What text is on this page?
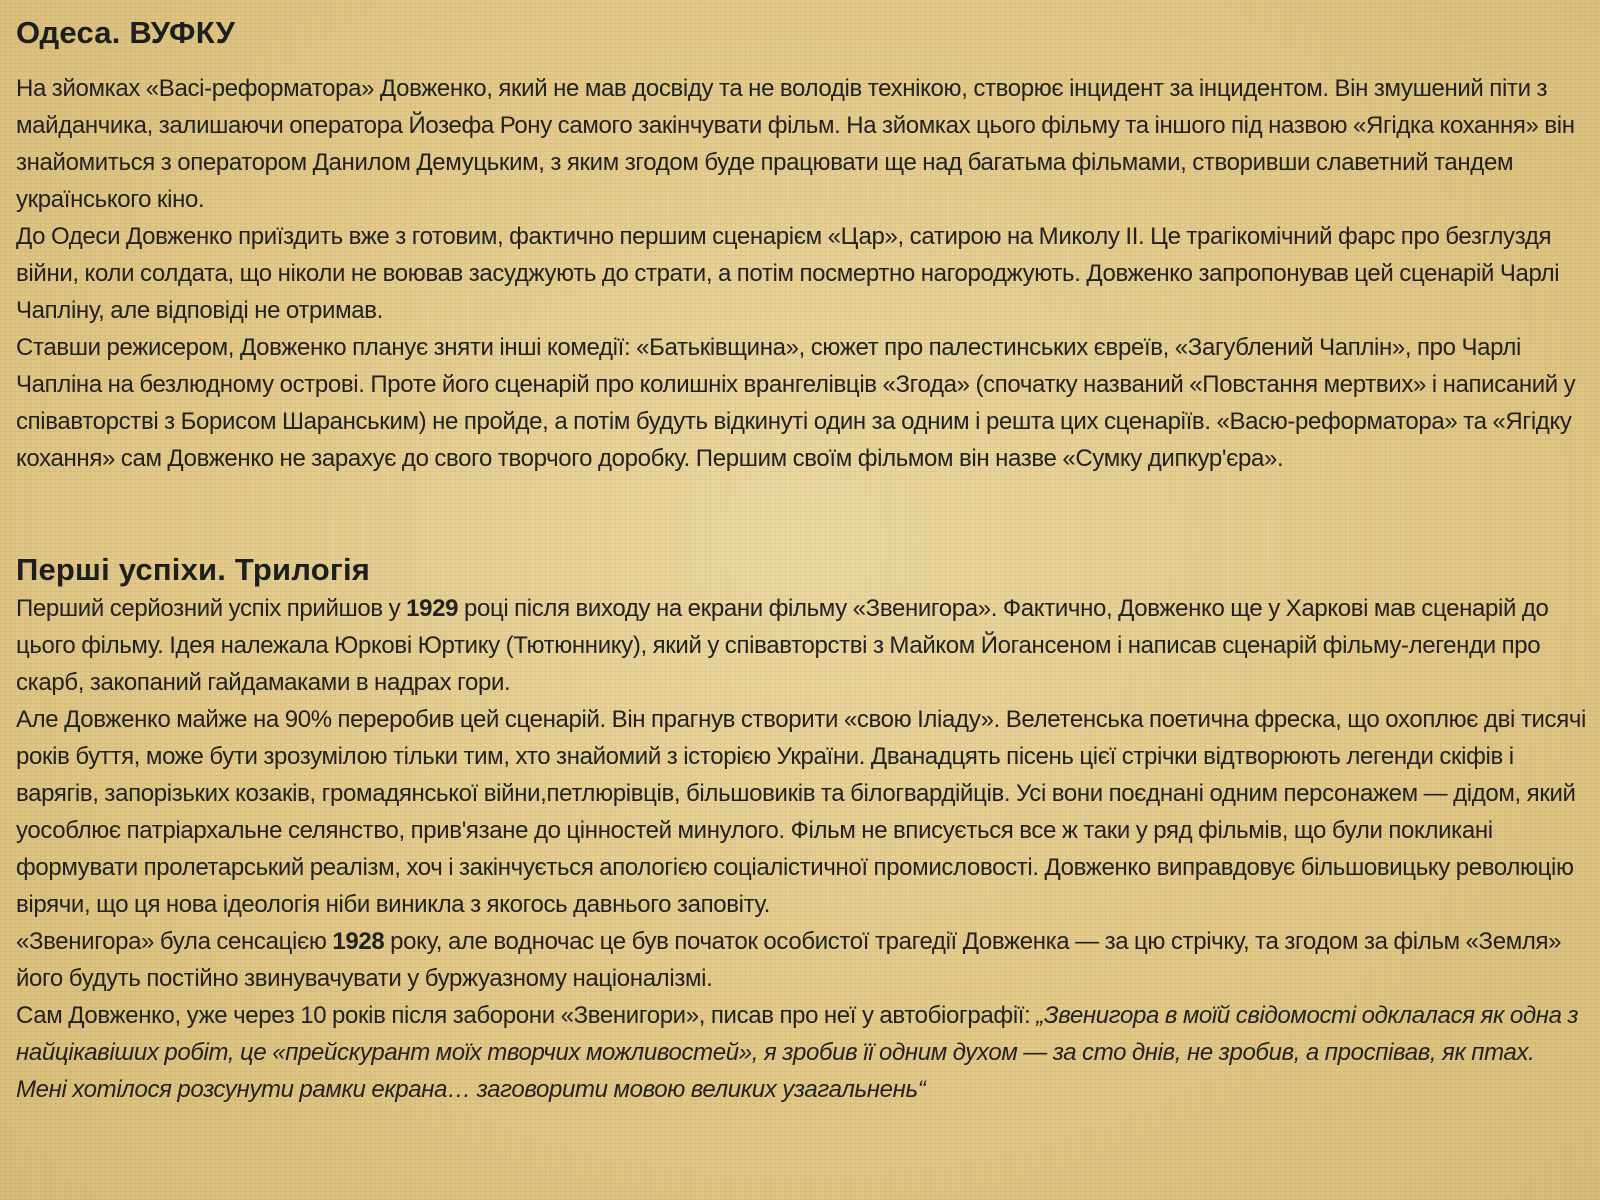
Одеса. ВУФКУ

На зйомках «Васі-реформатора» Довженко, який не мав досвіду та не володів технікою, створює інцидент за інцидентом. Він змушений піти з майданчика, залишаючи оператора Йозефа Рону самого закінчувати фільм. На зйомках цього фільму та іншого під назвою «Ягідка кохання» він знайомиться з оператором Данилом Демуцьким, з яким згодом буде працювати ще над багатьма фільмами, створивши славетний тандем українського кіно.

До Одеси Довженко приїздить вже з готовим, фактично першим сценарієм «Цар», сатирою на Миколу II. Це трагікомічний фарс про безглуздя війни, коли солдата, що ніколи не воював засуджують до страти, а потім посмертно нагороджують. Довженко запропонував цей сценарій Чарлі Чапліну, але відповіді не отримав.

Ставши режисером, Довженко планує зняти інші комедії: «Батьківщина», сюжет про палестинських євреїв, «Загублений Чаплін», про Чарлі Чапліна на безлюдному острові. Проте його сценарій про колишніх врангелівців «Згода» (спочатку названий «Повстання мертвих» і написаний у співавторстві з Борисом Шаранським) не пройде, а потім будуть відкинуті один за одним і решта цих сценаріїв. «Васю-реформатора» та «Ягідку кохання» сам Довженко не зарахує до свого творчого доробку. Першим своїм фільмом він назве «Сумку дипкур'єра».

Перші успіхи. Трилогія

Перший серйозний успіх прийшов у 1929 році після виходу на екрани фільму «Звенигора». Фактично, Довженко ще у Харкові мав сценарій до цього фільму. Ідея належала Юркові Юртику (Тютюннику), який у співавторстві з Майком Йогансеном і написав сценарій фільму-легенди про скарб, закопаний гайдамаками в надрах гори.

Але Довженко майже на 90% переробив цей сценарій. Він прагнув створити «свою Іліаду». Велетенська поетична фреска, що охоплює дві тисячі років буття, може бути зрозумілою тільки тим, хто знайомий з історією України. Дванадцять пісень цієї стрічки відтворюють легенди скіфів і варягів, запорізьких козаків, громадянської війни,петлюрівців, більшовиків та білогвардійців. Усі вони поєднані одним персонажем — дідом, який уособлює патріархальне селянство, прив'язане до цінностей минулого. Фільм не вписується все ж таки у ряд фільмів, що були покликані формувати пролетарський реалізм, хоч і закінчується апологією соціалістичної промисловості. Довженко виправдовує більшовицьку революцію вірячи, що ця нова ідеологія ніби виникла з якогось давнього заповіту.

«Звенигора» була сенсацією 1928 року, але водночас це був початок особистої трагедії Довженка — за цю стрічку, та згодом за фільм «Земля» його будуть постійно звинувачувати у буржуазному націоналізмі.

Сам Довженко, уже через 10 років після заборони «Звенигори», писав про неї у автобіографії: „Звенигора в моїй свідомості одклалася як одна з найцікавіших робіт, це «прейскурант моїх творчих можливостей», я зробив її одним духом — за сто днів, не зробив, а проспівав, як птах. Мені хотілося розсунути рамки екрана… заговорити мовою великих узагальнень“
